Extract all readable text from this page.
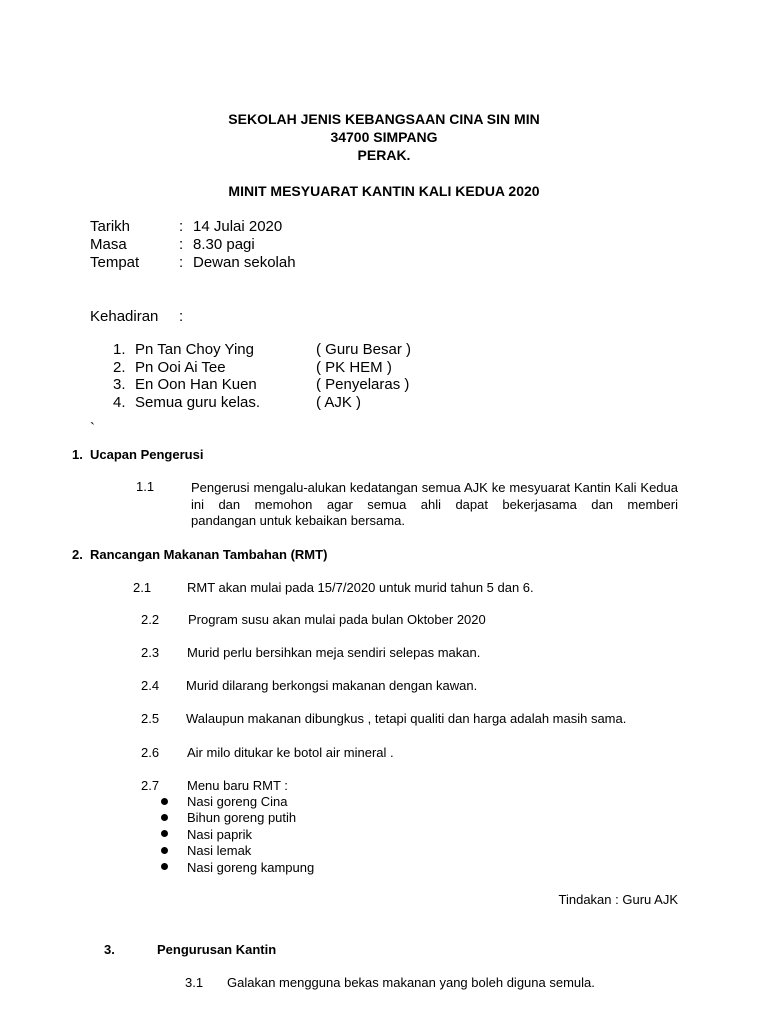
SEKOLAH JENIS KEBANGSAAN CINA SIN MIN
34700 SIMPANG
PERAK.
MINIT MESYUARAT KANTIN KALI KEDUA 2020
Tarikh	: 14 Julai 2020
Masa	: 8.30 pagi
Tempat	: Dewan sekolah
Kehadiran :
1. Pn Tan Choy Ying	( Guru Besar )
2. Pn Ooi Ai Tee	( PK HEM )
3. En Oon Han Kuen	( Penyelaras )
4. Semua guru kelas.	( AJK )
`
1. Ucapan Pengerusi
1.1	Pengerusi mengalu-alukan kedatangan semua AJK ke mesyuarat Kantin Kali Kedua ini dan memohon agar semua ahli dapat bekerjasama dan memberi
pandangan untuk kebaikan bersama.
2. Rancangan Makanan Tambahan (RMT)
2.1	RMT akan mulai pada 15/7/2020 untuk murid tahun 5 dan 6.
2.2 Program susu akan mulai pada bulan Oktober 2020
2.3 Murid perlu bersihkan meja sendiri selepas makan.
2.4 Murid dilarang berkongsi makanan dengan kawan.
2.5 Walaupun makanan dibungkus , tetapi qualiti dan harga adalah masih sama.
2.6 Air milo ditukar ke botol air mineral .
2.7 Menu baru RMT :
Nasi goreng Cina
Bihun goreng putih
Nasi paprik
Nasi lemak
Nasi goreng kampung
Tindakan : Guru AJK
3.	Pengurusan Kantin
3.1 Galakan mengguna bekas makanan yang boleh diguna semula.
